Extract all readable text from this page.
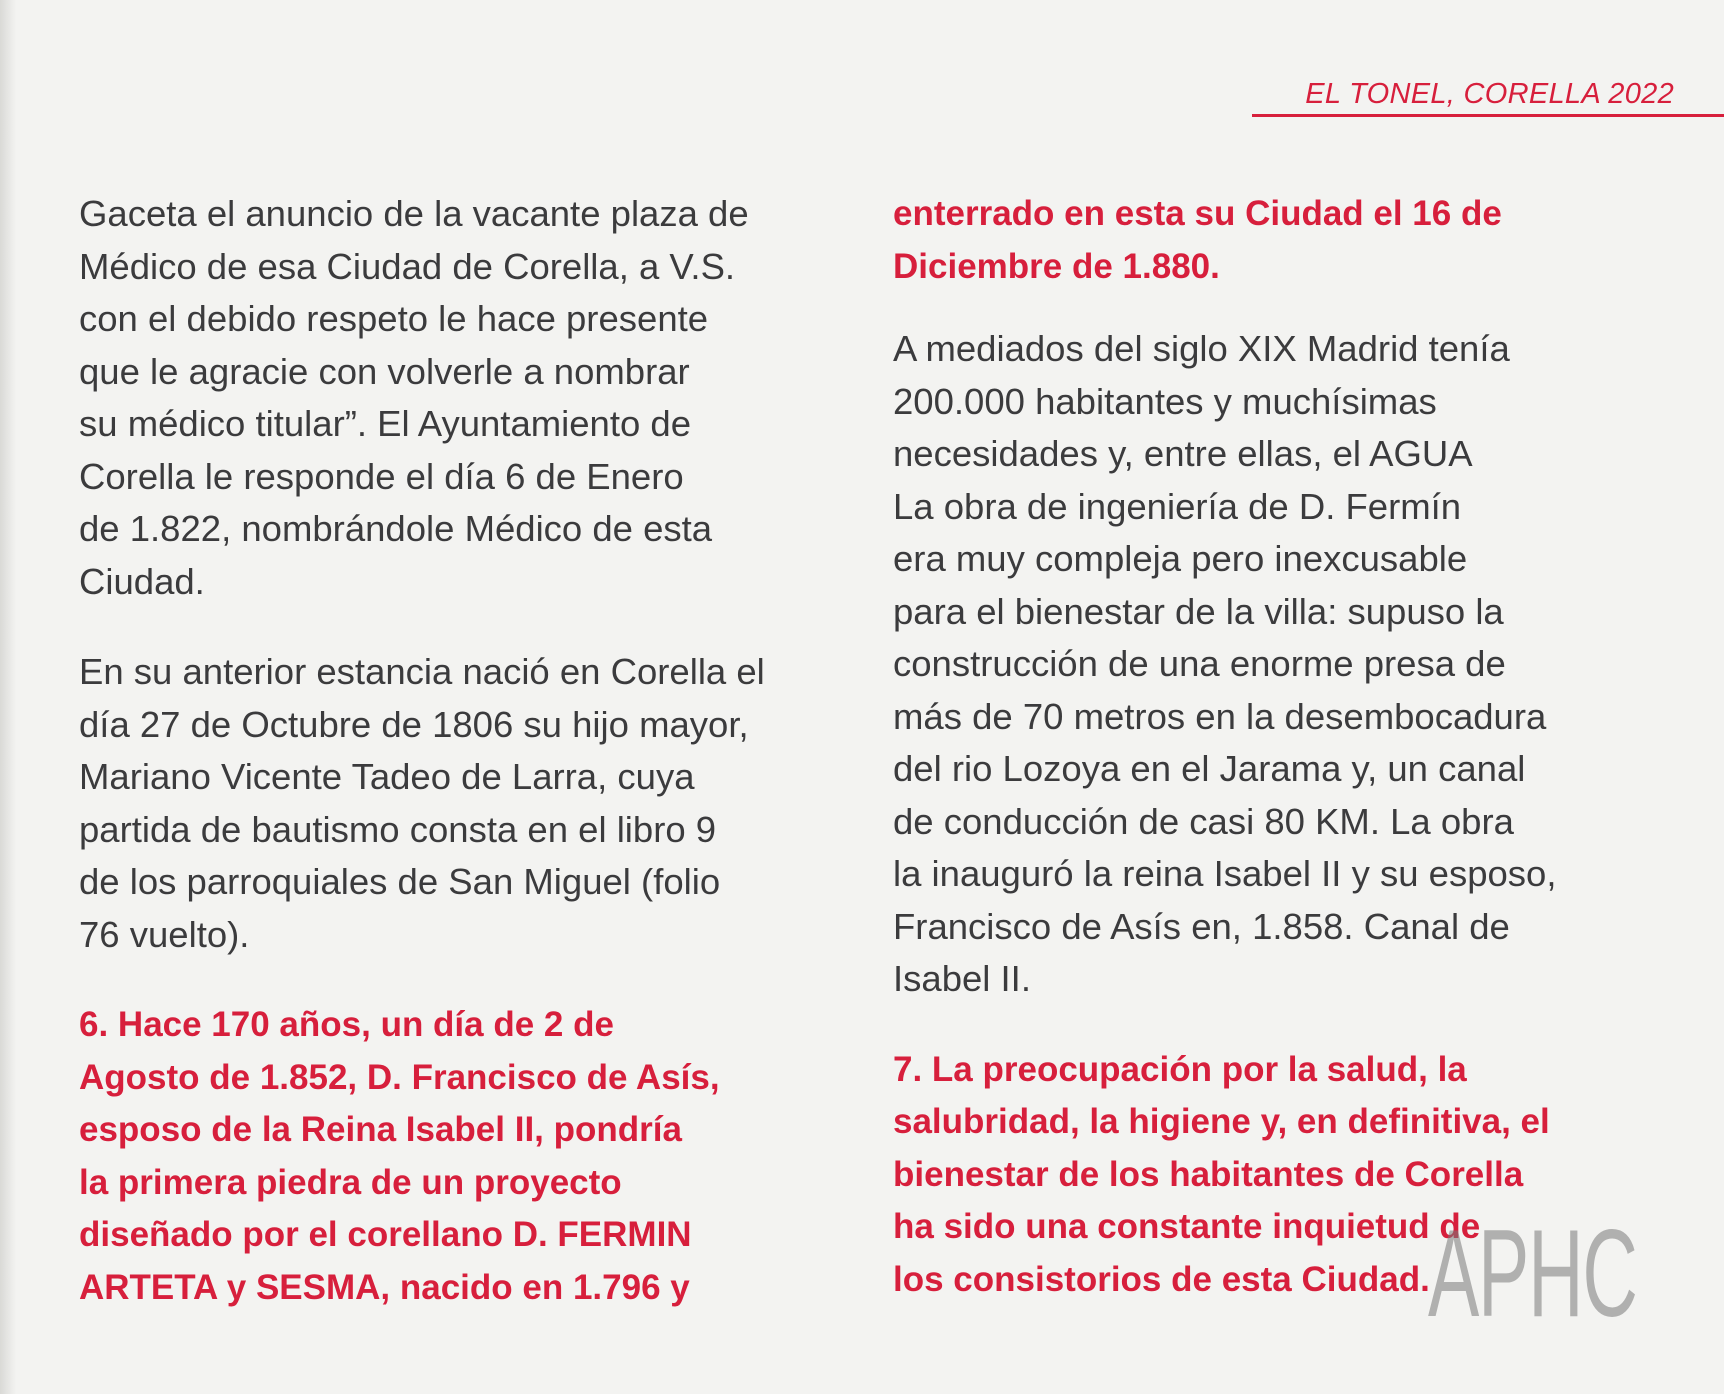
EL TONEL, CORELLA 2022

Gaceta el anuncio de la vacante plaza de
Médico de esa Ciudad de Corella, a V.S.
con el debido respeto le hace presente
que le agracie con volverle a nombrar
su médico titular”. El Ayuntamiento de
Corella le responde el día 6 de Enero
de 1.822, nombrándole Médico de esta
Ciudad.

En su anterior estancia nació en Corella el
día 27 de Octubre de 1806 su hijo mayor,
Mariano Vicente Tadeo de Larra, cuya
partida de bautismo consta en el libro 9
de los parroquiales de San Miguel (folio
76 vuelto).

6. Hace 170 años, un día de 2 de
Agosto de 1.852, D. Francisco de Asís,
esposo de la Reina Isabel II, pondría
la primera piedra de un proyecto
diseñado por el corellano D. FERMIN
ARTETA y SESMA, nacido en 1.796 y

enterrado en esta su Ciudad el 16 de
Diciembre de 1.880.

A mediados del siglo XIX Madrid tenía
200.000 habitantes y muchísimas
necesidades y, entre ellas, el AGUA
La obra de ingeniería de D. Fermín
era muy compleja pero inexcusable
para el bienestar de la villa: supuso la
construcción de una enorme presa de
más de 70 metros en la desembocadura
del rio Lozoya en el Jarama y, un canal
de conducción de casi 80 KM. La obra
la inauguró la reina Isabel II y su esposo,
Francisco de Asís en, 1.858. Canal de
Isabel II.

7. La preocupación por la salud, la
salubridad, la higiene y, en definitiva, el
bienestar de los habitantes de Corella
ha sido una constante inquietud de
los consistorios de esta Ciudad.

APHC
